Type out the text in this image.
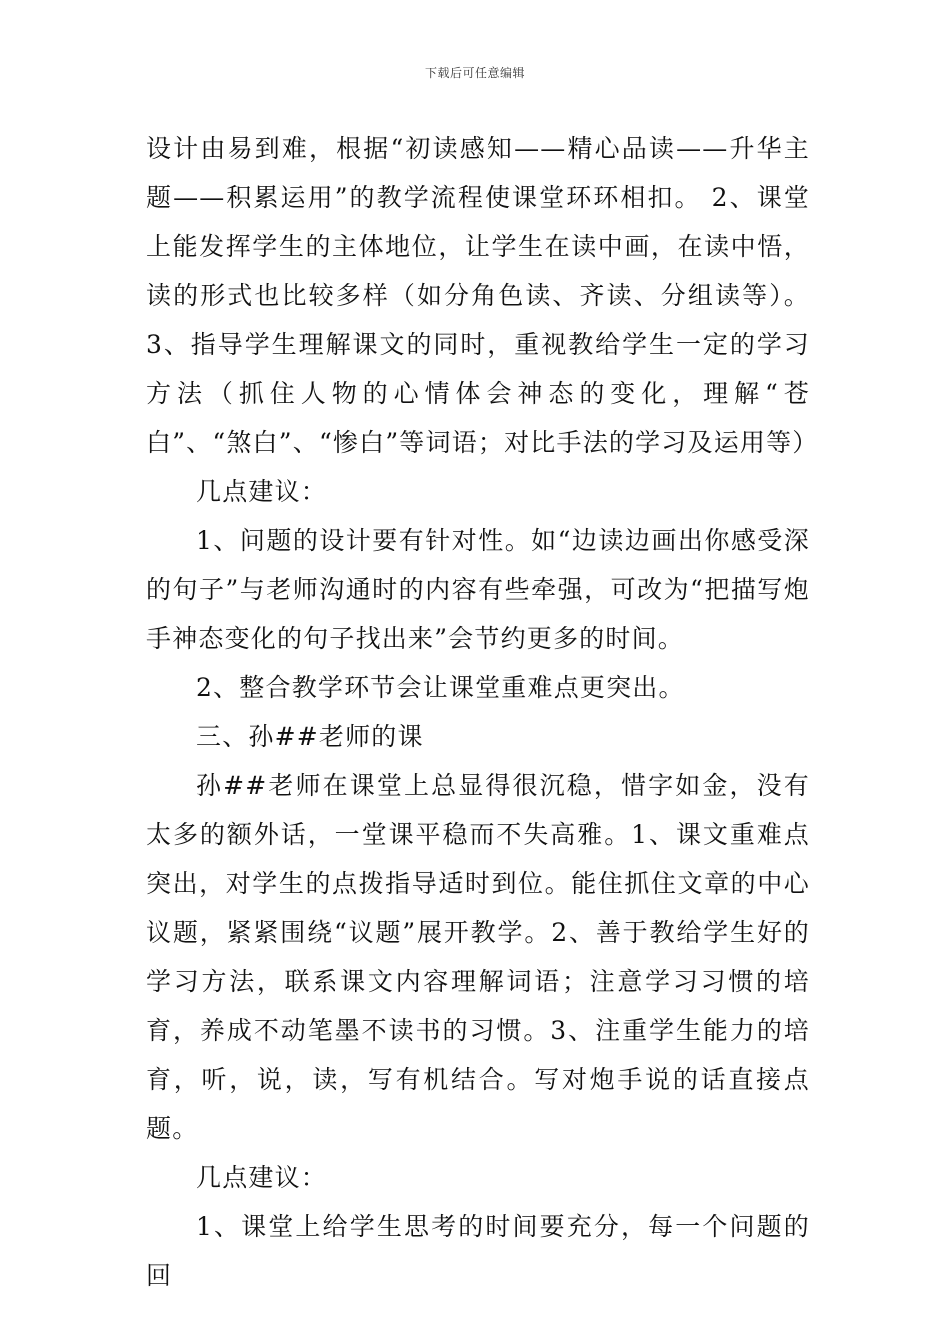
下载后可任意编辑

设计由易到难，根据“初读感知——精心品读——升华主题——积累运用”的教学流程使课堂环环相扣。 2、课堂上能发挥学生的主体地位，让学生在读中画，在读中悟，读的形式也比较多样（如分角色读、齐读、分组读等）。3、指导学生理解课文的同时，重视教给学生一定的学习方法（抓住人物的心情体会神态的变化，理解“苍白”、“煞白”、“惨白”等词语；对比手法的学习及运用等）

几点建议：

1、问题的设计要有针对性。如“边读边画出你感受深的句子”与老师沟通时的内容有些牵强，可改为“把描写炮手神态变化的句子找出来”会节约更多的时间。

2、整合教学环节会让课堂重难点更突出。

三、孙##老师的课

孙##老师在课堂上总显得很沉稳，惜字如金，没有太多的额外话，一堂课平稳而不失高雅。1、课文重难点突出，对学生的点拨指导适时到位。能住抓住文章的中心议题，紧紧围绕“议题”展开教学。2、善于教给学生好的学习方法，联系课文内容理解词语；注意学习习惯的培育，养成不动笔墨不读书的习惯。3、注重学生能力的培育，听，说，读，写有机结合。写对炮手说的话直接点题。

几点建议：

1、课堂上给学生思考的时间要充分，每一个问题的回
